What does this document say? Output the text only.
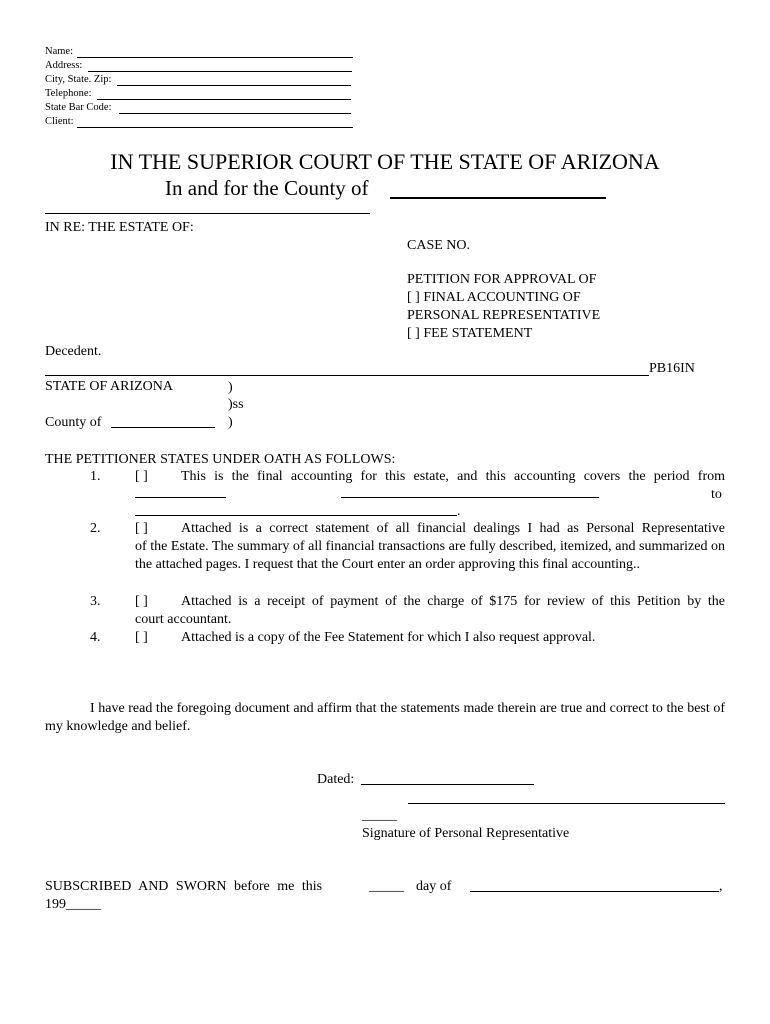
Name:
Address:
City, State. Zip:
Telephone:
State Bar Code:
Client:
IN THE SUPERIOR COURT OF THE STATE OF ARIZONA
In and for the County of
IN RE: THE ESTATE OF:
CASE NO.
PETITION FOR APPROVAL OF
[ ] FINAL ACCOUNTING OF
PERSONAL REPRESENTATIVE
[ ] FEE STATEMENT
Decedent.
PB16IN
STATE OF ARIZONA	)
)ss
County of	)
THE PETITIONER STATES UNDER OATH AS FOLLOWS:
1. [ ] This is the final accounting for this estate, and this accounting covers the period from
to
.
2. [ ] Attached is a correct statement of all financial dealings I had as Personal Representative
of the Estate. The summary of all financial transactions are fully described, itemized, and summarized on the attached pages. I request that the Court enter an order approving this final accounting..
3. [ ] Attached is a receipt of payment of the charge of $175 for review of this Petition by the
court accountant.
4. [ ] Attached is a copy of the Fee Statement for which I also request approval.
I have read the foregoing document and affirm that the statements made therein are true and correct to the best of my knowledge and belief.
Dated:
_____
Signature of Personal Representative
SUBSCRIBED AND SWORN before me this	_____ day of	,
199_____
